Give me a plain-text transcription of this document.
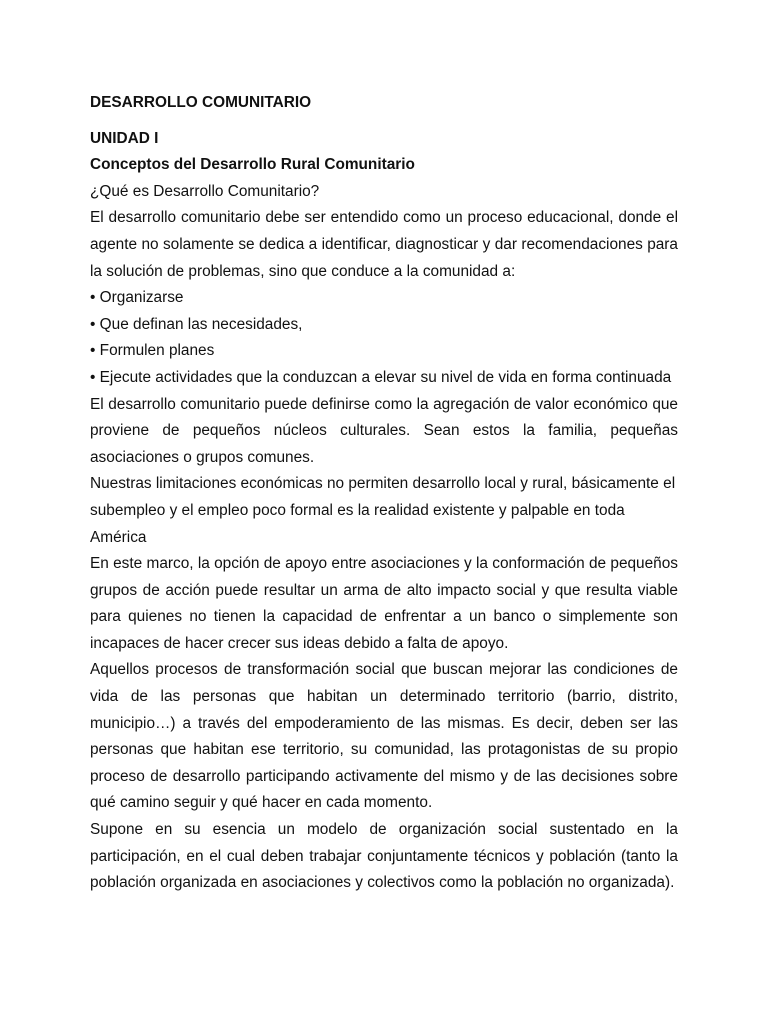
DESARROLLO COMUNITARIO
UNIDAD I
Conceptos del Desarrollo Rural Comunitario

¿Qué es Desarrollo Comunitario?

El desarrollo comunitario debe ser entendido como un proceso educacional, donde el agente no solamente se dedica a identificar, diagnosticar y dar recomendaciones para la solución de problemas, sino que conduce a la comunidad a:

• Organizarse

• Que definan las necesidades,

• Formulen planes

• Ejecute actividades que la conduzcan a elevar su nivel de vida en forma continuada

El desarrollo comunitario puede definirse como la agregación de valor económico que proviene de pequeños núcleos culturales. Sean estos la familia, pequeñas asociaciones o grupos comunes.

Nuestras limitaciones económicas no permiten desarrollo local y rural, básicamente el subempleo y el empleo poco formal es la realidad existente y palpable en toda América

En este marco, la opción de apoyo entre asociaciones y la conformación de pequeños grupos de acción puede resultar un arma de alto impacto social y que resulta viable para quienes no tienen la capacidad de enfrentar a un banco o simplemente son incapaces de hacer crecer sus ideas debido a falta de apoyo.

Aquellos procesos de transformación social que buscan mejorar las condiciones de vida de las personas que habitan un determinado territorio (barrio, distrito, municipio…) a través del empoderamiento de las mismas. Es decir, deben ser las personas que habitan ese territorio, su comunidad, las protagonistas de su propio proceso de desarrollo participando activamente del mismo y de las decisiones sobre qué camino seguir y qué hacer en cada momento.

Supone en su esencia un modelo de organización social sustentado en la participación, en el cual deben trabajar conjuntamente técnicos y población (tanto la población organizada en asociaciones y colectivos como la población no organizada).
